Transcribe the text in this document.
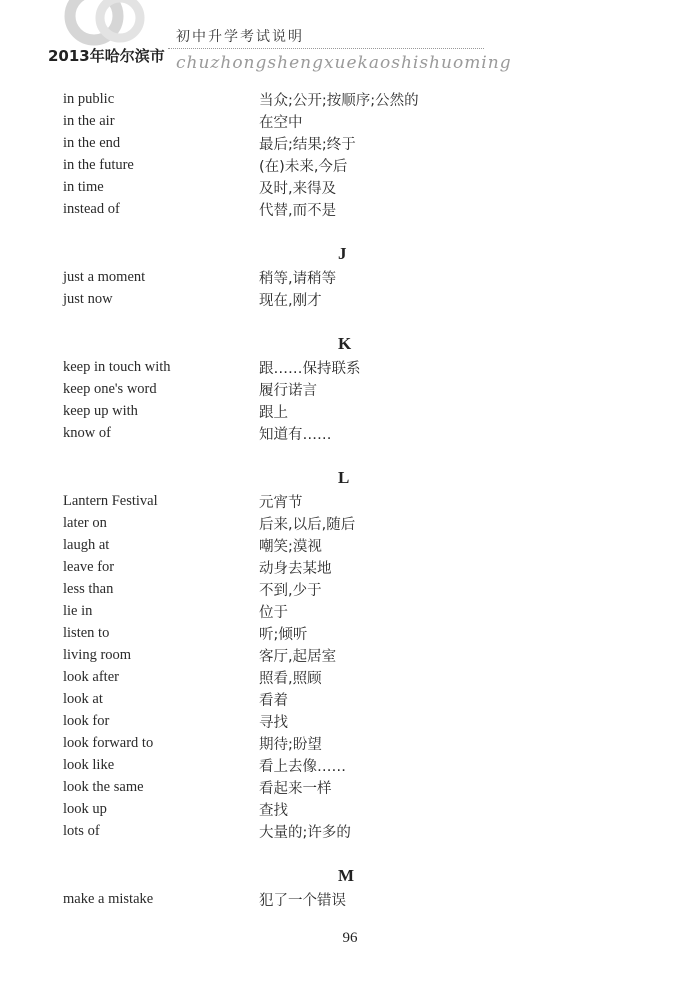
初中升学考试说明
2013年哈尔滨市 chuzhongshengxuekaoshishuoming
in public	当众;公开;按顺序;公然的
in the air	在空中
in the end	最后;结果;终于
in the future	(在)未来,今后
in time	及时,来得及
instead of	代替,而不是
J
just a moment	稍等,请稍等
just now	现在,刚才
K
keep in touch with	跟……保持联系
keep one's word	履行诺言
keep up with	跟上
know of	知道有……
L
Lantern Festival	元宵节
later on	后来,以后,随后
laugh at	嘲笑;漠视
leave for	动身去某地
less than	不到,少于
lie in	位于
listen to	听;倾听
living room	客厅,起居室
look after	照看,照顾
look at	看着
look for	寻找
look forward to	期待;盼望
look like	看上去像……
look the same	看起来一样
look up	查找
lots of	大量的;许多的
M
make a mistake	犯了一个错误
96
